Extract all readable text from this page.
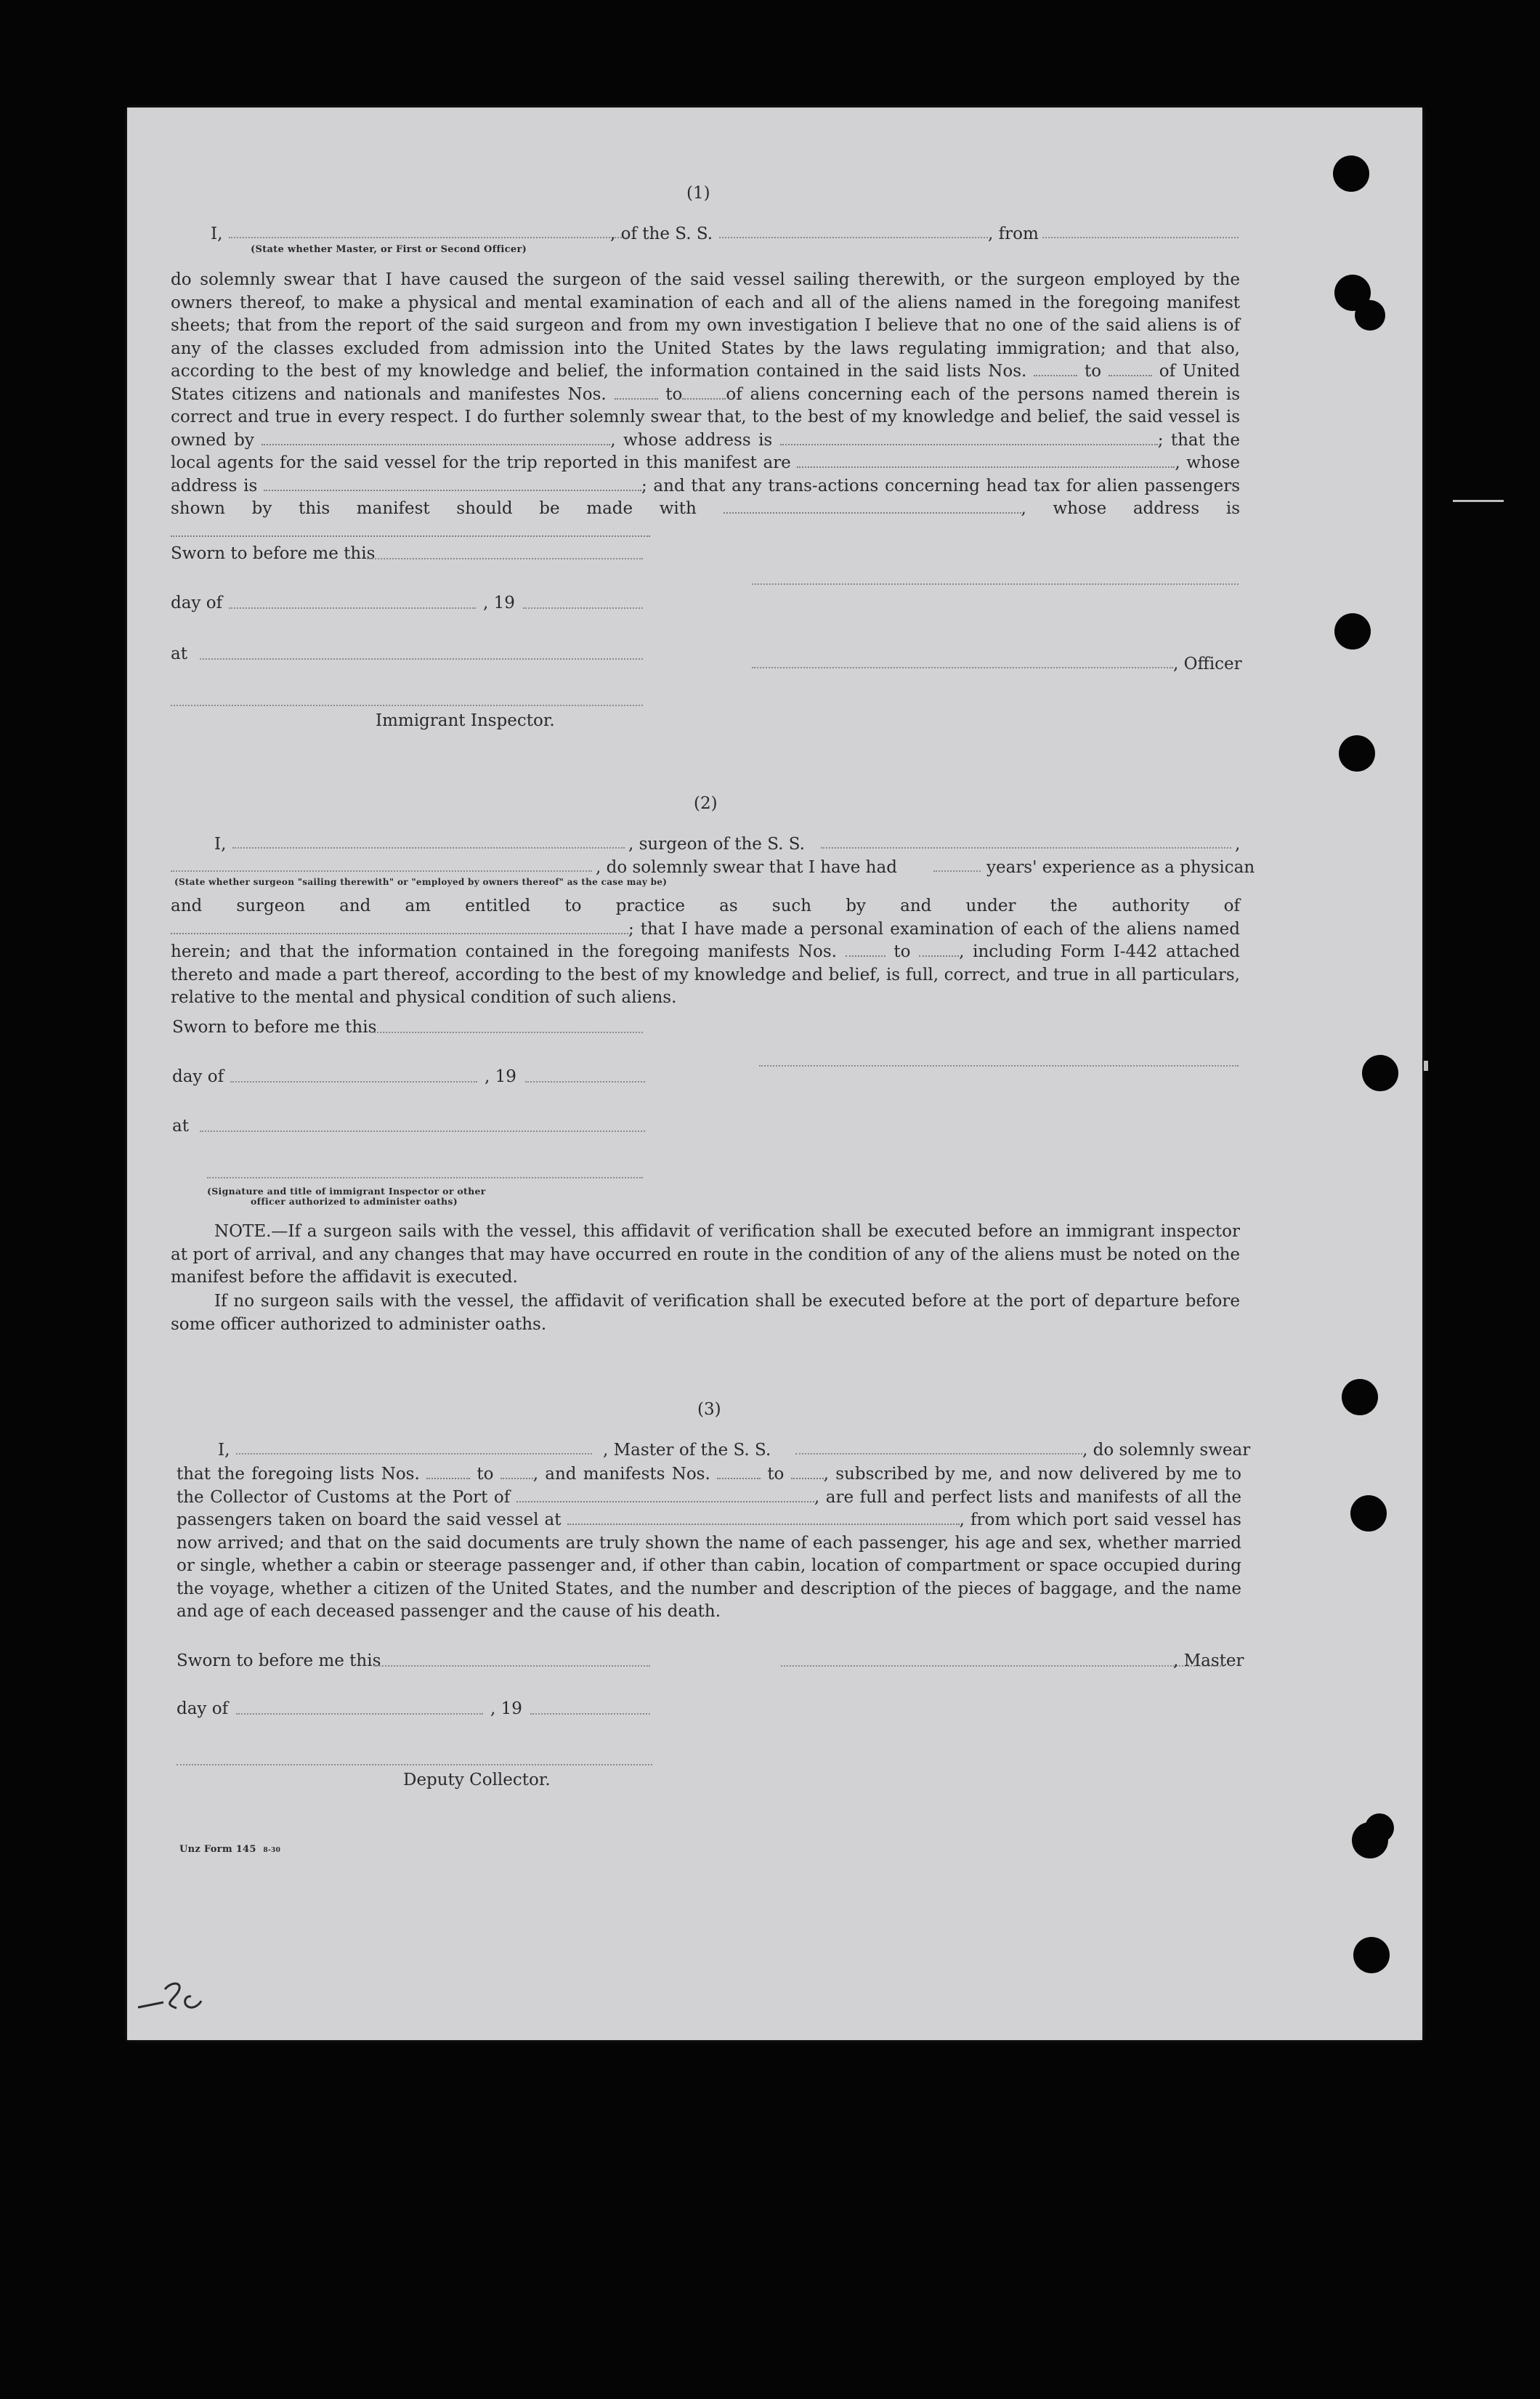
(1)
I,	, of the S. S.	, from
(State whether Master, or First or Second Officer)
do solemnly swear that I have caused the surgeon of the said vessel sailing therewith, or the surgeon employed by the owners thereof, to make a physical and mental examination of each and all of the aliens named in the foregoing manifest sheets; that from the report of the said surgeon and from my own investigation I believe that no one of the said aliens is of any of the classes excluded from admission into the United States by the laws regulating immigration; and that also, according to the best of my knowledge and belief, the information contained in the said lists Nos.	to	of United States citizens and nationals and manifestes Nos.	to	of aliens concerning each of the persons named therein is correct and true in every respect. I do further solemnly swear that, to the best of my knowledge and belief, the said vessel is owned by	, whose address is	; that the local agents for the said vessel for the trip reported in this manifest are	, whose address is	; and that any trans-actions concerning head tax for alien passengers shown by this manifest should be made with	, whose address is
Sworn to before me this
day of	, 19
at
, Officer
Immigrant Inspector.
(2)
I,	, surgeon of the S. S.	,
, do solemnly swear that I have had	years' experience as a physican
(State whether surgeon "sailing therewith" or "employed by owners thereof" as the case may be)
and surgeon and am entitled to practice as such by and under the authority of ; that I have made a personal examination of each of the aliens named herein; and that the information contained in the foregoing manifests Nos.	to	, including Form I-442 attached thereto and made a part thereof, according to the best of my knowledge and belief, is full, correct, and true in all particulars, relative to the mental and physical condition of such aliens.
Sworn to before me this
day of	, 19
at
(Signature and title of immigrant Inspector or other
officer authorized to administer oaths)
NOTE.—If a surgeon sails with the vessel, this affidavit of verification shall be executed before an immigrant inspector at port of arrival, and any changes that may have occurred en route in the condition of any of the aliens must be noted on the manifest before the affidavit is executed.
If no surgeon sails with the vessel, the affidavit of verification shall be executed before at the port of departure before some officer authorized to administer oaths.
(3)
I,	, Master of the S. S.	, do solemnly swear
that the foregoing lists Nos.	to , and manifests Nos.	to , subscribed by me, and now delivered by me to the Collector of Customs at the Port of	, are full and perfect lists and manifests of all the passengers taken on board the said vessel at	, from which port said vessel has now arrived; and that on the said documents are truly shown the name of each passenger, his age and sex, whether married or single, whether a cabin or steerage passenger and, if other than cabin, location of compartment or space occupied during the voyage, whether a citizen of the United States, and the number and description of the pieces of baggage, and the name and age of each deceased passenger and the cause of his death.
Sworn to before me this	, Master
day of	, 19
Deputy Collector.
Unz Form 145 8-30
